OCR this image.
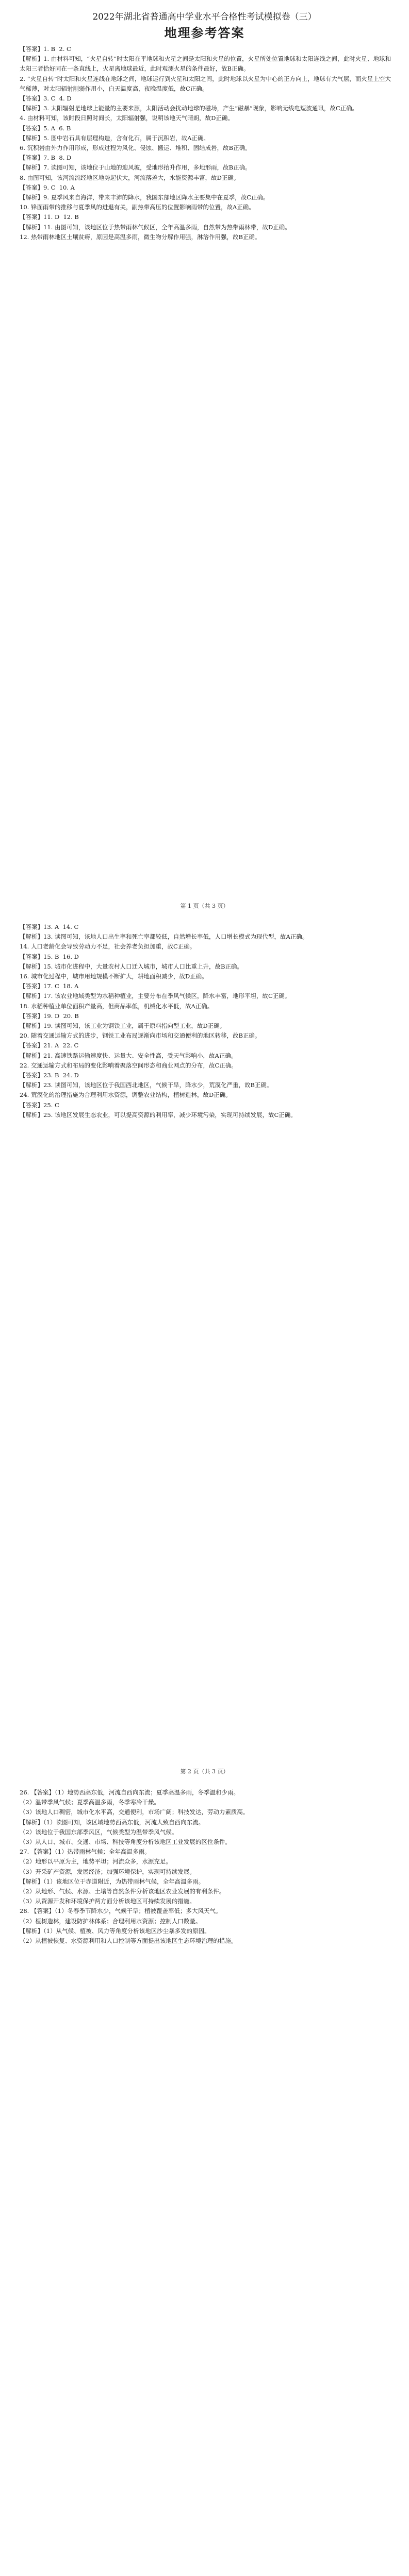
2022年湖北省普通高中学业水平合格性考试模拟卷（三）
地理参考答案
【答案】1. B  2. C
【解析】1. 由材料可知，“火星自转”时太阳在平地球和火星之间是太阳和火星的位置，火星所处位置地球和太阳连线之间，此时火星、地球和太阳三者恰好同在一条直线上，火星离地球最近，此时观测火星的条件最好，故B正确。
2. “火星自转”时太阳和火星连线在地球之间，地球运行到火星和太阳之间，此时地球以火星为中心的正方向上，地球有大气层，而火星上空大气稀薄，对太阳辐射削弱作用小，白天温度高，夜晚温度低，故C正确。
【答案】3. C  4. D
【解析】3. 太阳辐射是地球上能量的主要来源，太阳活动会扰动地球的磁场，产生“磁暴”现象，影响无线电短波通讯，故C正确。
4. 由材料可知，该时段日照时间长，太阳辐射强，说明该地天气晴朗，故D正确。
【答案】5. A  6. B
【解析】5. 图中岩石具有层理构造，含有化石，属于沉积岩，故A正确。
6. 沉积岩由外力作用形成，形成过程为风化、侵蚀、搬运、堆积、固结成岩，故B正确。
【答案】7. B  8. D
【解析】7. 读图可知，该地位于山地的迎风坡，受地形抬升作用，多地形雨，故B正确。
8. 由图可知，该河流流经地区地势起伏大，河流落差大，水能资源丰富，故D正确。
【答案】9. C  10. A
【解析】9. 夏季风来自海洋，带来丰沛的降水，我国东部地区降水主要集中在夏季，故C正确。
10. 锋面雨带的推移与夏季风的进退有关，副热带高压的位置影响雨带的位置，故A正确。
【答案】11. D  12. B
【解析】11. 由图可知，该地区位于热带雨林气候区，全年高温多雨，自然带为热带雨林带，故D正确。
12. 热带雨林地区土壤贫瘠，原因是高温多雨，微生物分解作用强，淋溶作用强，故B正确。
第 1 页（共 3 页）
【答案】13. A  14. C
【解析】13. 读图可知，该地人口出生率和死亡率都较低，自然增长率低，人口增长模式为现代型，故A正确。
14. 人口老龄化会导致劳动力不足，社会养老负担加重，故C正确。
【答案】15. B  16. D
【解析】15. 城市化进程中，大量农村人口迁入城市，城市人口比重上升，故B正确。
16. 城市化过程中，城市用地规模不断扩大，耕地面积减少，故D正确。
【答案】17. C  18. A
【解析】17. 该农业地域类型为水稻种植业，主要分布在季风气候区，降水丰富，地形平坦，故C正确。
18. 水稻种植业单位面积产量高，但商品率低，机械化水平低，故A正确。
【答案】19. D  20. B
【解析】19. 读图可知，该工业为钢铁工业，属于原料指向型工业，故D正确。
20. 随着交通运输方式的进步，钢铁工业布局逐渐向市场和交通便利的地区转移，故B正确。
【答案】21. A  22. C
【解析】21. 高速铁路运输速度快、运量大、安全性高，受天气影响小，故A正确。
22. 交通运输方式和布局的变化影响着聚落空间形态和商业网点的分布，故C正确。
【答案】23. B  24. D
【解析】23. 读图可知，该地区位于我国西北地区，气候干旱，降水少，荒漠化严重，故B正确。
24. 荒漠化的治理措施为合理利用水资源，调整农业结构，植树造林，故D正确。
【答案】25. C
【解析】25. 该地区发展生态农业，可以提高资源的利用率，减少环境污染，实现可持续发展，故C正确。
第 2 页（共 3 页）
26. 【答案】（1）地势西高东低，河流自西向东流；夏季高温多雨，冬季温和少雨。
（2）温带季风气候；夏季高温多雨，冬季寒冷干燥。
（3）该地人口稠密，城市化水平高，交通便利，市场广阔；科技发达，劳动力素质高。
【解析】（1）读图可知，该区域地势西高东低，河流大致自西向东流。
（2）该地位于我国东部季风区，气候类型为温带季风气候。
（3）从人口、城市、交通、市场、科技等角度分析该地区工业发展的区位条件。
27. 【答案】（1）热带雨林气候；全年高温多雨。
（2）地形以平原为主，地势平坦；河流众多，水源充足。
（3）开采矿产资源，发展经济；加强环境保护，实现可持续发展。
【解析】（1）该地区位于赤道附近，为热带雨林气候，全年高温多雨。
（2）从地形、气候、水源、土壤等自然条件分析该地区农业发展的有利条件。
（3）从资源开发和环境保护两方面分析该地区可持续发展的措施。
28. 【答案】（1）冬春季节降水少，气候干旱；植被覆盖率低；多大风天气。
（2）植树造林，建设防护林体系；合理利用水资源；控制人口数量。
【解析】（1）从气候、植被、风力等角度分析该地区沙尘暴多发的原因。
（2）从植被恢复、水资源利用和人口控制等方面提出该地区生态环境治理的措施。
